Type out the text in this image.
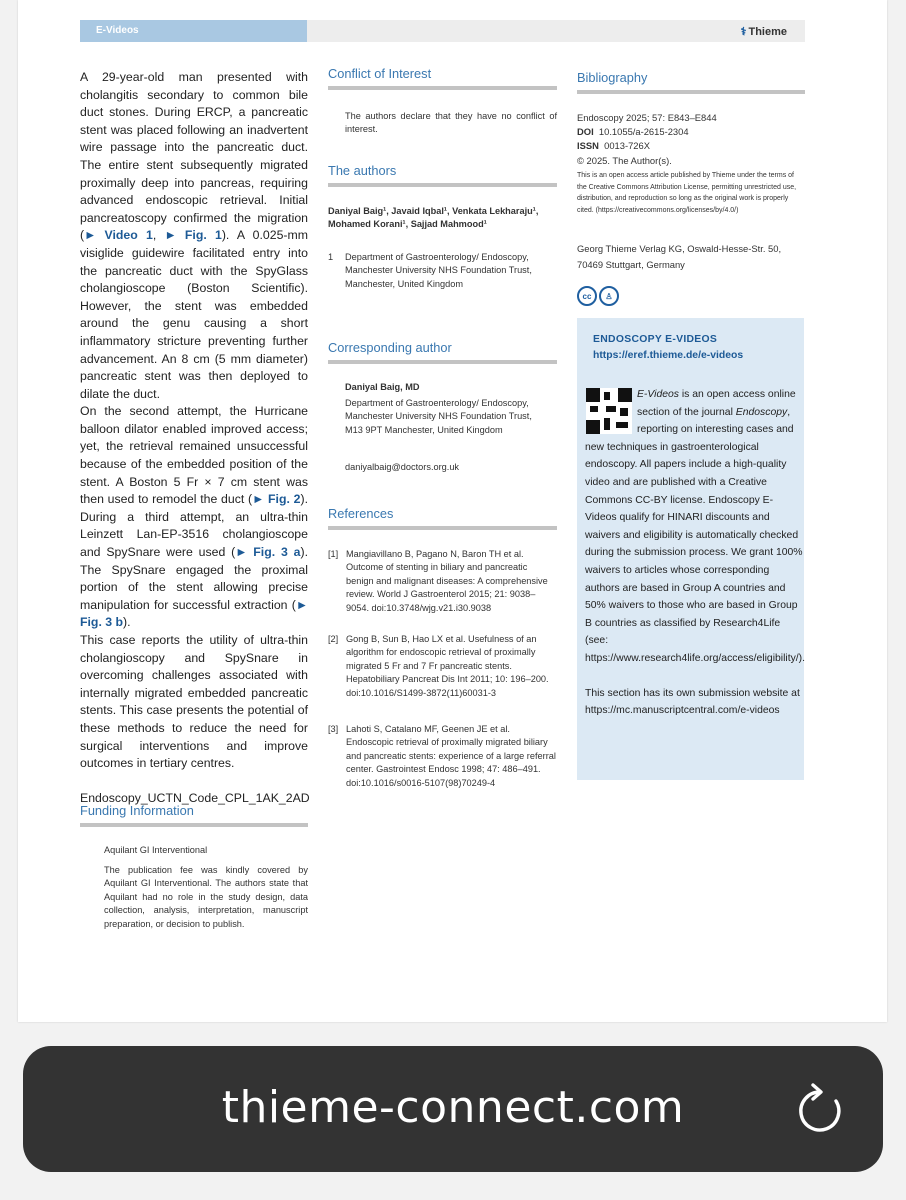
E-Videos	⚕ Thieme

A 29-year-old man presented with cholangitis secondary to common bile duct stones. During ERCP, a pancreatic stent was placed following an inadvertent wire passage into the pancreatic duct. The entire stent subsequently migrated proximally deep into pancreas, requiring advanced endoscopic retrieval. Initial pancreatoscopy confirmed the migration (► Video 1, ► Fig. 1). A 0.025-mm visiglide guidewire facilitated entry into the pancreatic duct with the SpyGlass cholangioscope (Boston Scientific). However, the stent was embedded around the genu causing a short inflammatory stricture preventing further advancement. An 8 cm (5 mm diameter) pancreatic stent was then deployed to dilate the duct.

On the second attempt, the Hurricane balloon dilator enabled improved access; yet, the retrieval remained unsuccessful because of the embedded position of the stent. A Boston 5 Fr × 7 cm stent was then used to remodel the duct (► Fig. 2). During a third attempt, an ultra-thin Leinzett Lan-EP-3516 cholangioscope and SpySnare were used (► Fig. 3 a). The SpySnare engaged the proximal portion of the stent allowing precise manipulation for successful extraction (► Fig. 3 b).

This case reports the utility of ultra-thin cholangioscopy and SpySnare in overcoming challenges associated with internally migrated embedded pancreatic stents. This case presents the potential of these methods to reduce the need for surgical interventions and improve outcomes in tertiary centres.

Endoscopy_UCTN_Code_CPL_1AK_2AD

Funding Information
Aquilant GI Interventional
The publication fee was kindly covered by Aquilant GI Interventional. The authors state that Aquilant had no role in the study design, data collection, analysis, interpretation, manuscript preparation, or decision to publish.
Conflict of Interest
The authors declare that they have no conflict of interest.
The authors
Daniyal Baig¹, Javaid Iqbal¹, Venkata Lekharaju¹, Mohamed Korani¹, Sajjad Mahmood¹
1	Department of Gastroenterology/ Endoscopy, Manchester University NHS Foundation Trust, Manchester, United Kingdom
Corresponding author
Daniyal Baig, MD
Department of Gastroenterology/ Endoscopy, Manchester University NHS Foundation Trust, M13 9PT Manchester, United Kingdom
daniyalbaig@doctors.org.uk
References
[1] Mangiavillano B, Pagano N, Baron TH et al. Outcome of stenting in biliary and pancreatic benign and malignant diseases: A comprehensive review. World J Gastroenterol 2015; 21: 9038–9054. doi:10.3748/wjg.v21.i30.9038
[2] Gong B, Sun B, Hao LX et al. Usefulness of an algorithm for endoscopic retrieval of proximally migrated 5 Fr and 7 Fr pancreatic stents. Hepatobiliary Pancreat Dis Int 2011; 10: 196–200. doi:10.1016/S1499-3872(11)60031-3
[3] Lahoti S, Catalano MF, Geenen JE et al. Endoscopic retrieval of proximally migrated biliary and pancreatic stents: experience of a large referral center. Gastrointest Endosc 1998; 47: 486–491. doi:10.1016/s0016-5107(98)70249-4
Bibliography
Endoscopy 2025; 57: E843–E844
DOI 10.1055/a-2615-2304
ISSN 0013-726X
© 2025. The Author(s).
This is an open access article published by Thieme under the terms of the Creative Commons Attribution License, permitting unrestricted use, distribution, and reproduction so long as the original work is properly cited. (https://creativecommons.org/licenses/by/4.0/)
Georg Thieme Verlag KG, Oswald-Hesse-Str. 50, 70469 Stuttgart, Germany
cc	♙
ENDOSCOPY E-VIDEOS
https://eref.thieme.de/e-videos
E-Videos is an open access online section of the journal Endoscopy, reporting on interesting cases and new techniques in gastroenterological endoscopy. All papers include a high-quality video and are published with a Creative Commons CC-BY license. Endoscopy E-Videos qualify for HINARI discounts and waivers and eligibility is automatically checked during the submission process. We grant 100% waivers to articles whose corresponding authors are based in Group A countries and 50% waivers to those who are based in Group B countries as classified by Research4Life (see: https://www.research4life.org/access/eligibility/).
This section has its own submission website at
https://mc.manuscriptcentral.com/e-videos
thieme-connect.com
